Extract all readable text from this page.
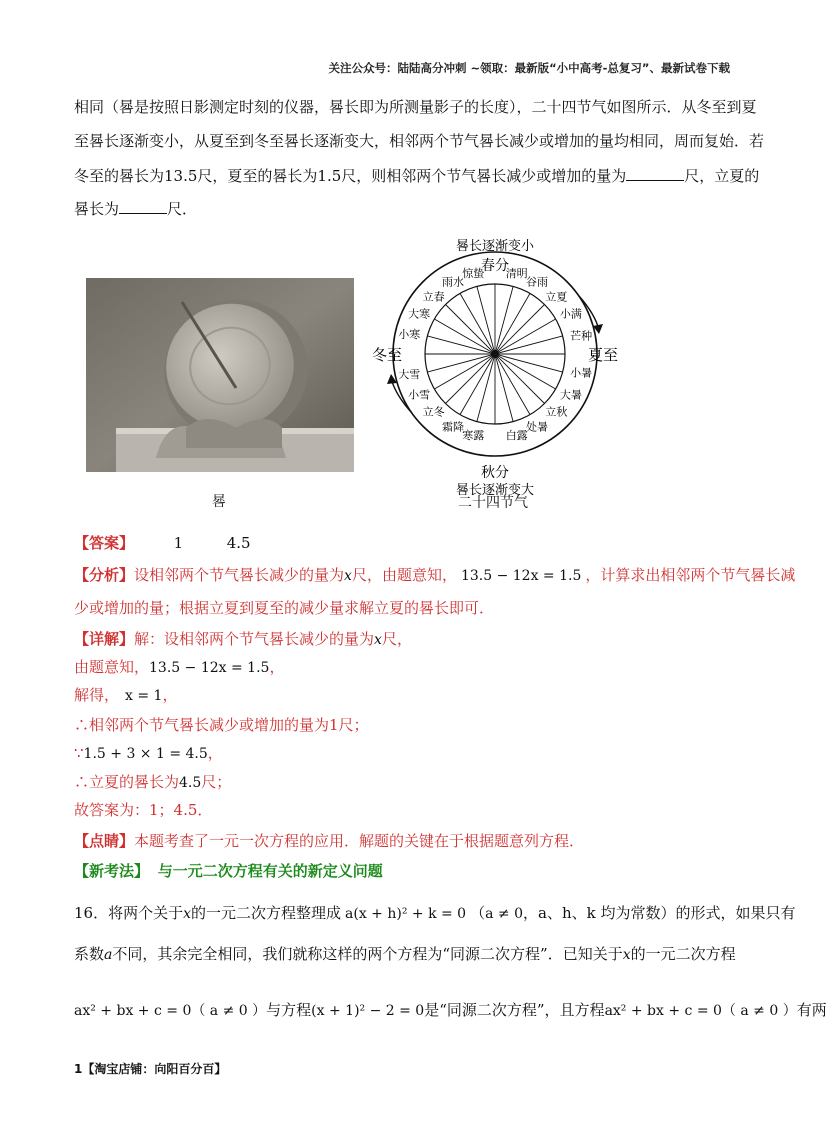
关注公众号：陆陆高分冲刺 ~领取：最新版“小中高考-总复习”、最新试卷下载
相同（晷是按照日影测定时刻的仪器，晷长即为所测量影子的长度），二十四节气如图所示．从冬至到夏
至晷长逐渐变小，从夏至到冬至晷长逐渐变大，相邻两个节气晷长减少或增加的量均相同，周而复始．若
冬至的晷长为13.5尺，夏至的晷长为1.5尺，则相邻两个节气晷长减少或增加的量为	尺，立夏的
晷长为	尺．
晷
晷长逐渐变小
春分
秋分
晷长逐渐变大
冬至	夏至
惊蛰 清明
雨水	谷雨
立春	立夏
大寒	小满
小寒	芒种
大雪	小暑
小雪	大暑
立冬	立秋
霜降	处暑
寒露 白露
二十四节气
【答案】	1	4.5
【分析】设相邻两个节气晷长减少的量为x尺，由题意知， 13.5 − 12x = 1.5 ，计算求出相邻两个节气晷长减
少或增加的量；根据立夏到夏至的减少量求解立夏的晷长即可．
【详解】解：设相邻两个节气晷长减少的量为x尺，
由题意知，13.5 − 12x = 1.5，
解得， x = 1，
∴相邻两个节气晷长减少或增加的量为1尺；
∵1.5 + 3 × 1 = 4.5，
∴立夏的晷长为4.5尺；
故答案为：1；4.5．
【点睛】本题考查了一元一次方程的应用．解题的关键在于根据题意列方程．
【新考法】 与一元二次方程有关的新定义问题
16．将两个关于x的一元二次方程整理成 a(x + h)² + k = 0 （a ≠ 0，a、h、k 均为常数）的形式，如果只有
系数a不同，其余完全相同，我们就称这样的两个方程为“同源二次方程”．已知关于x的一元二次方程
ax² + bx + c = 0（ a ≠ 0 ）与方程(x + 1)² − 2 = 0是“同源二次方程”，且方程ax² + bx + c = 0（ a ≠ 0 ）有两
1【淘宝店铺：向阳百分百】
